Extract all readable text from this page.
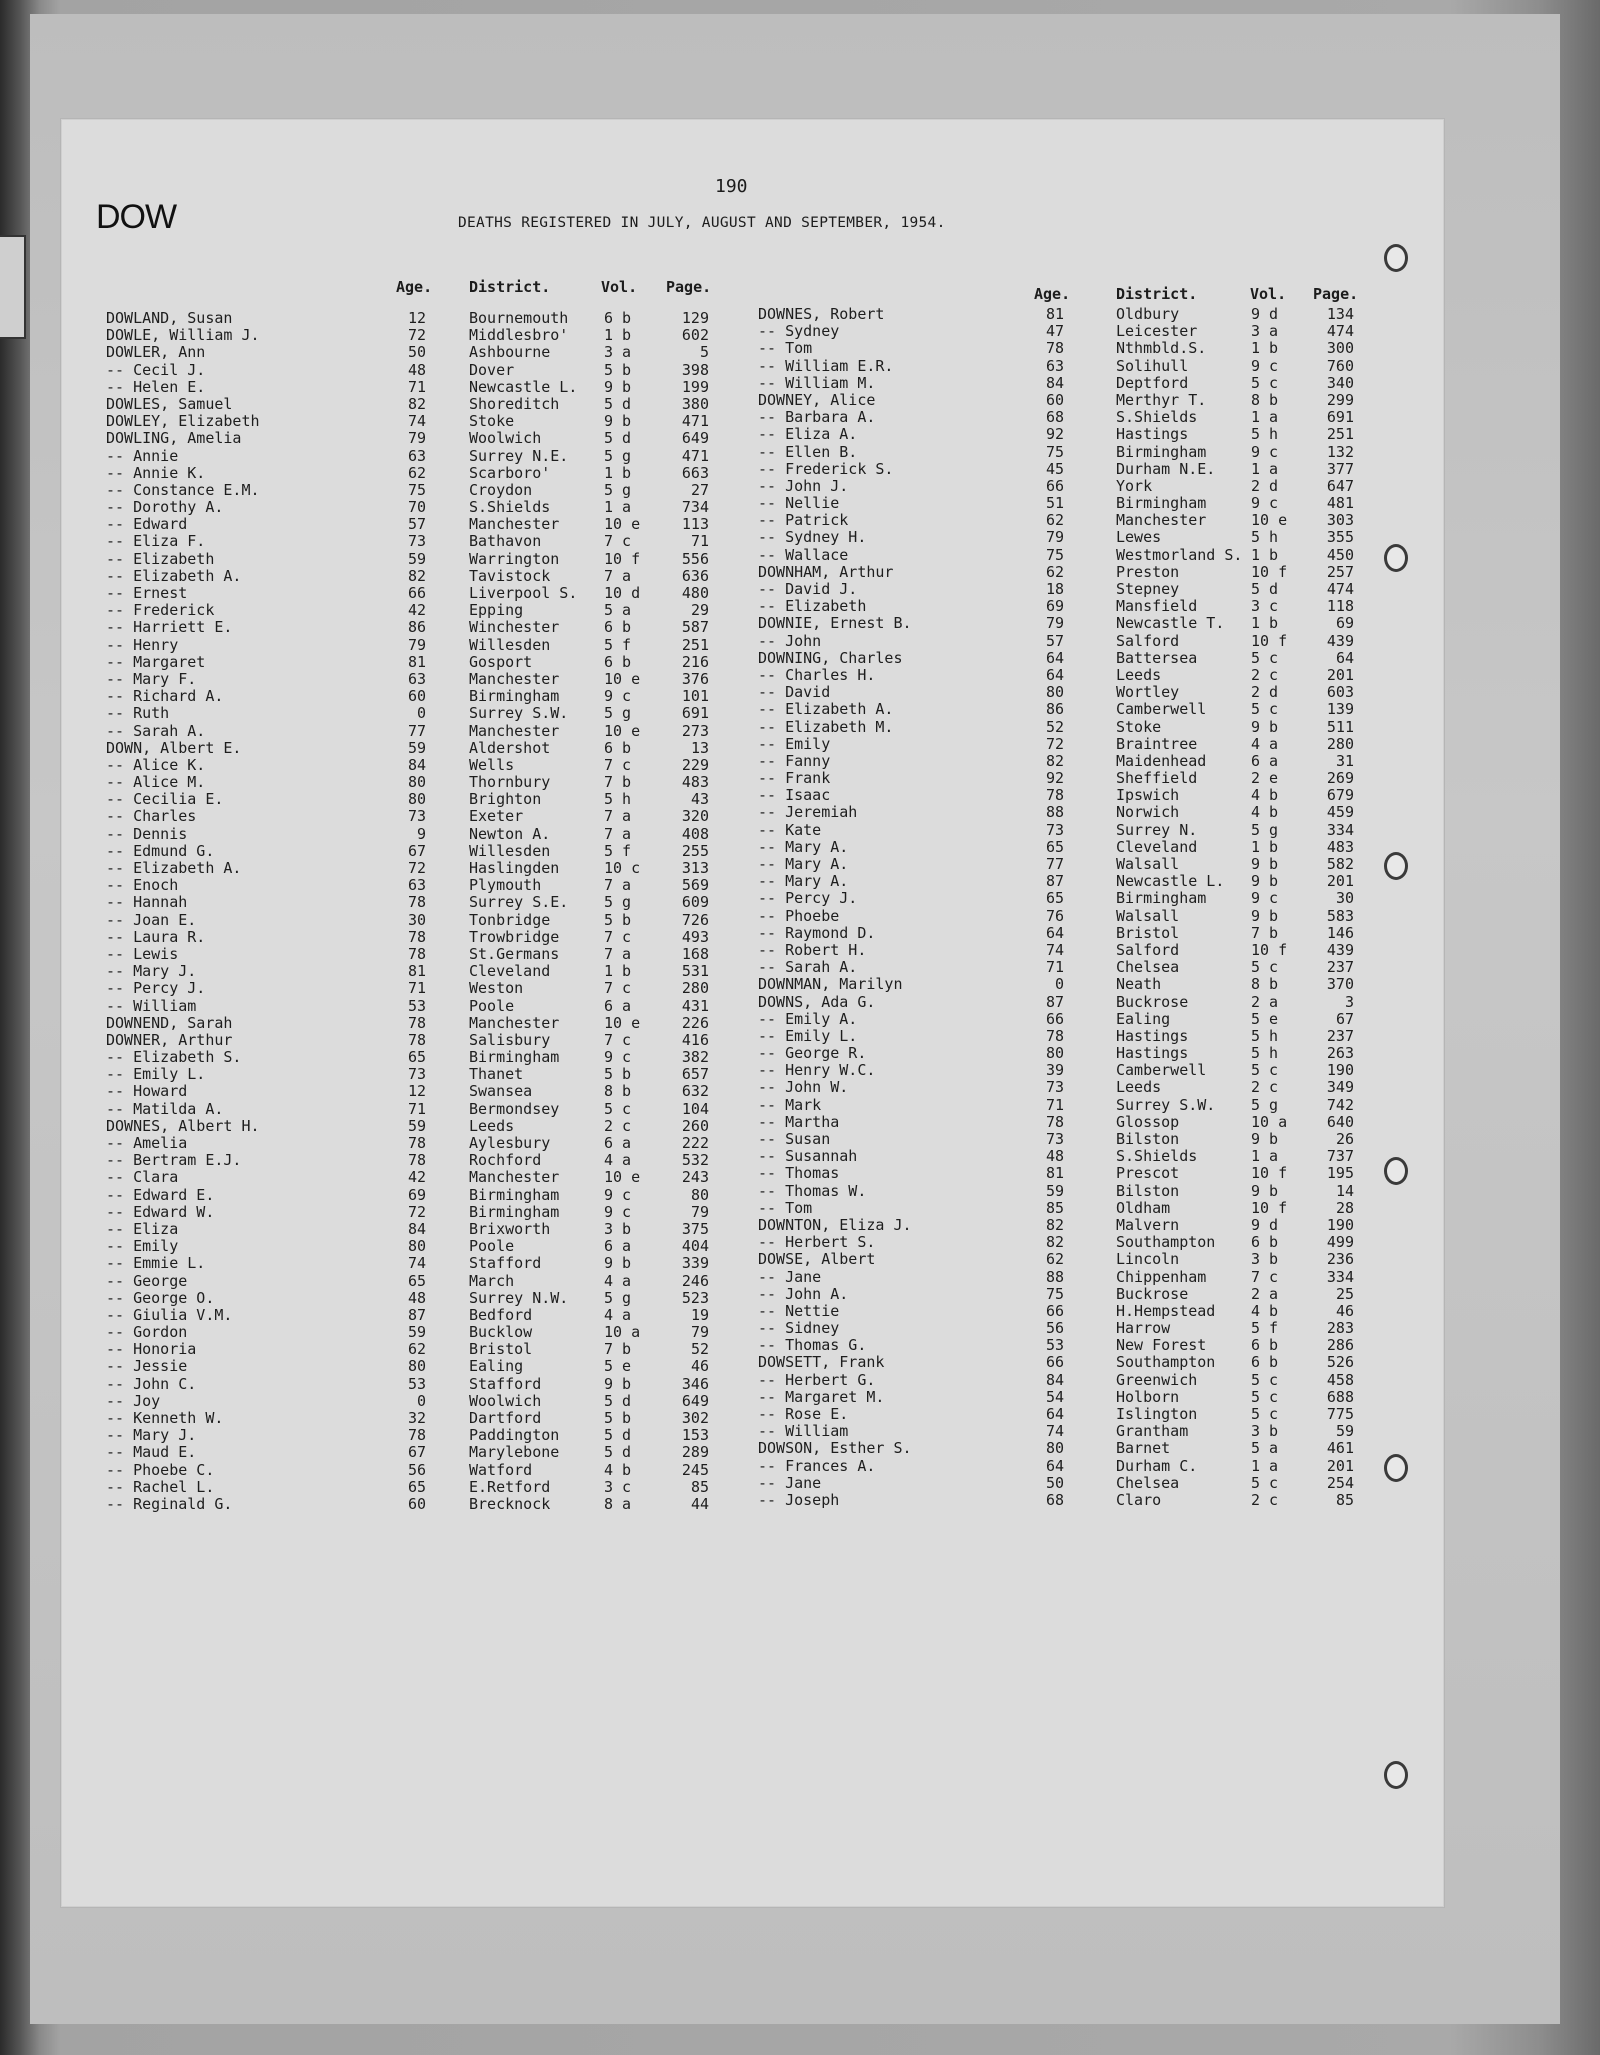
190
DOW	DEATHS REGISTERED IN JULY, AUGUST AND SEPTEMBER, 1954.
Age. District.	Vol. Page.
DOWLAND, Susan	12	Bournemouth 6 b	129
DOWLE, William J.	72	Middlesbro' 1 b	602
DOWLER, Ann	50	Ashbourne	3 a	5
-- Cecil J.	48	Dover	5 b	398
-- Helen E.	71	Newcastle L. 9 b	199
DOWLES, Samuel	82	Shoreditch	5 d	380
DOWLEY, Elizabeth	74	Stoke	9 b	471
DOWLING, Amelia	79	Woolwich	5 d	649
-- Annie	63	Surrey N.E. 5 g	471
-- Annie K.	62	Scarboro'	1 b	663
-- Constance E.M.	75	Croydon	5 g	27
-- Dorothy A.	70	S.Shields	1 a	734
-- Edward	57	Manchester	10 e	113
-- Eliza F.	73	Bathavon	7 c	71
-- Elizabeth	59	Warrington	10 f	556
-- Elizabeth A.	82	Tavistock	7 a	636
-- Ernest	66	Liverpool S. 10 d	480
-- Frederick	42	Epping	5 a	29
-- Harriett E.	86	Winchester	6 b	587
-- Henry	79	Willesden	5 f	251
-- Margaret	81	Gosport	6 b	216
-- Mary F.	63	Manchester	10 e	376
-- Richard A.	60	Birmingham	9 c	101
-- Ruth	0	Surrey S.W. 5 g	691
-- Sarah A.	77	Manchester	10 e	273
DOWN, Albert E.	59	Aldershot	6 b	13
-- Alice K.	84	Wells	7 c	229
-- Alice M.	80	Thornbury	7 b	483
-- Cecilia E.	80	Brighton	5 h	43
-- Charles	73	Exeter	7 a	320
-- Dennis	9	Newton A.	7 a	408
-- Edmund G.	67	Willesden	5 f	255
-- Elizabeth A.	72	Haslingden	10 c	313
-- Enoch	63	Plymouth	7 a	569
-- Hannah	78	Surrey S.E. 5 g	609
-- Joan E.	30	Tonbridge	5 b	726
-- Laura R.	78	Trowbridge	7 c	493
-- Lewis	78	St.Germans	7 a	168
-- Mary J.	81	Cleveland	1 b	531
-- Percy J.	71	Weston	7 c	280
-- William	53	Poole	6 a	431
DOWNEND, Sarah	78	Manchester	10 e	226
DOWNER, Arthur	78	Salisbury	7 c	416
-- Elizabeth S.	65	Birmingham	9 c	382
-- Emily L.	73	Thanet	5 b	657
-- Howard	12	Swansea	8 b	632
-- Matilda A.	71	Bermondsey	5 c	104
DOWNES, Albert H.	59	Leeds	2 c	260
-- Amelia	78	Aylesbury	6 a	222
-- Bertram E.J.	78	Rochford	4 a	532
-- Clara	42	Manchester	10 e	243
-- Edward E.	69	Birmingham	9 c	80
-- Edward W.	72	Birmingham	9 c	79
-- Eliza	84	Brixworth	3 b	375
-- Emily	80	Poole	6 a	404
-- Emmie L.	74	Stafford	9 b	339
-- George	65	March	4 a	246
-- George O.	48	Surrey N.W. 5 g	523
-- Giulia V.M.	87	Bedford	4 a	19
-- Gordon	59	Bucklow	10 a	79
-- Honoria	62	Bristol	7 b	52
-- Jessie	80	Ealing	5 e	46
-- John C.	53	Stafford	9 b	346
-- Joy	0	Woolwich	5 d	649
-- Kenneth W.	32	Dartford	5 b	302
-- Mary J.	78	Paddington	5 d	153
-- Maud E.	67	Marylebone	5 d	289
-- Phoebe C.	56	Watford	4 b	245
-- Rachel L.	65	E.Retford	3 c	85
-- Reginald G.	60	Brecknock	8 a	44
Age.	District.	Vol. Page.
DOWNES, Robert	81	Oldbury	9 d	134
-- Sydney	47	Leicester	3 a	474
-- Tom	78	Nthmbld.S.	1 b	300
-- William E.R.	63	Solihull	9 c	760
-- William M.	84	Deptford	5 c	340
DOWNEY, Alice	60	Merthyr T.	8 b	299
-- Barbara A.	68	S.Shields	1 a	691
-- Eliza A.	92	Hastings	5 h	251
-- Ellen B.	75	Birmingham	9 c	132
-- Frederick S.	45	Durham N.E. 1 a	377
-- John J.	66	York	2 d	647
-- Nellie	51	Birmingham	9 c	481
-- Patrick	62	Manchester	10 e	303
-- Sydney H.	79	Lewes	5 h	355
-- Wallace	75	Westmorland S. 1 b	450
DOWNHAM, Arthur	62	Preston	10 f	257
-- David J.	18	Stepney	5 d	474
-- Elizabeth	69	Mansfield	3 c	118
DOWNIE, Ernest B.	79	Newcastle T. 1 b	69
-- John	57	Salford	10 f	439
DOWNING, Charles	64	Battersea	5 c	64
-- Charles H.	64	Leeds	2 c	201
-- David	80	Wortley	2 d	603
-- Elizabeth A.	86	Camberwell	5 c	139
-- Elizabeth M.	52	Stoke	9 b	511
-- Emily	72	Braintree	4 a	280
-- Fanny	82	Maidenhead	6 a	31
-- Frank	92	Sheffield	2 e	269
-- Isaac	78	Ipswich	4 b	679
-- Jeremiah	88	Norwich	4 b	459
-- Kate	73	Surrey N.	5 g	334
-- Mary A.	65	Cleveland	1 b	483
-- Mary A.	77	Walsall	9 b	582
-- Mary A.	87	Newcastle L. 9 b	201
-- Percy J.	65	Birmingham	9 c	30
-- Phoebe	76	Walsall	9 b	583
-- Raymond D.	64	Bristol	7 b	146
-- Robert H.	74	Salford	10 f	439
-- Sarah A.	71	Chelsea	5 c	237
DOWNMAN, Marilyn	0	Neath	8 b	370
DOWNS, Ada G.	87	Buckrose	2 a	3
-- Emily A.	66	Ealing	5 e	67
-- Emily L.	78	Hastings	5 h	237
-- George R.	80	Hastings	5 h	263
-- Henry W.C.	39	Camberwell	5 c	190
-- John W.	73	Leeds	2 c	349
-- Mark	71	Surrey S.W. 5 g	742
-- Martha	78	Glossop	10 a	640
-- Susan	73	Bilston	9 b	26
-- Susannah	48	S.Shields	1 a	737
-- Thomas	81	Prescot	10 f	195
-- Thomas W.	59	Bilston	9 b	14
-- Tom	85	Oldham	10 f	28
DOWNTON, Eliza J.	82	Malvern	9 d	190
-- Herbert S.	82	Southampton 6 b	499
DOWSE, Albert	62	Lincoln	3 b	236
-- Jane	88	Chippenham	7 c	334
-- John A.	75	Buckrose	2 a	25
-- Nettie	66	H.Hempstead 4 b	46
-- Sidney	56	Harrow	5 f	283
-- Thomas G.	53	New Forest	6 b	286
DOWSETT, Frank	66	Southampton 6 b	526
-- Herbert G.	84	Greenwich	5 c	458
-- Margaret M.	54	Holborn	5 c	688
-- Rose E.	64	Islington	5 c	775
-- William	74	Grantham	3 b	59
DOWSON, Esther S.	80	Barnet	5 a	461
-- Frances A.	64	Durham C.	1 a	201
-- Jane	50	Chelsea	5 c	254
-- Joseph	68	Claro	2 c	85
